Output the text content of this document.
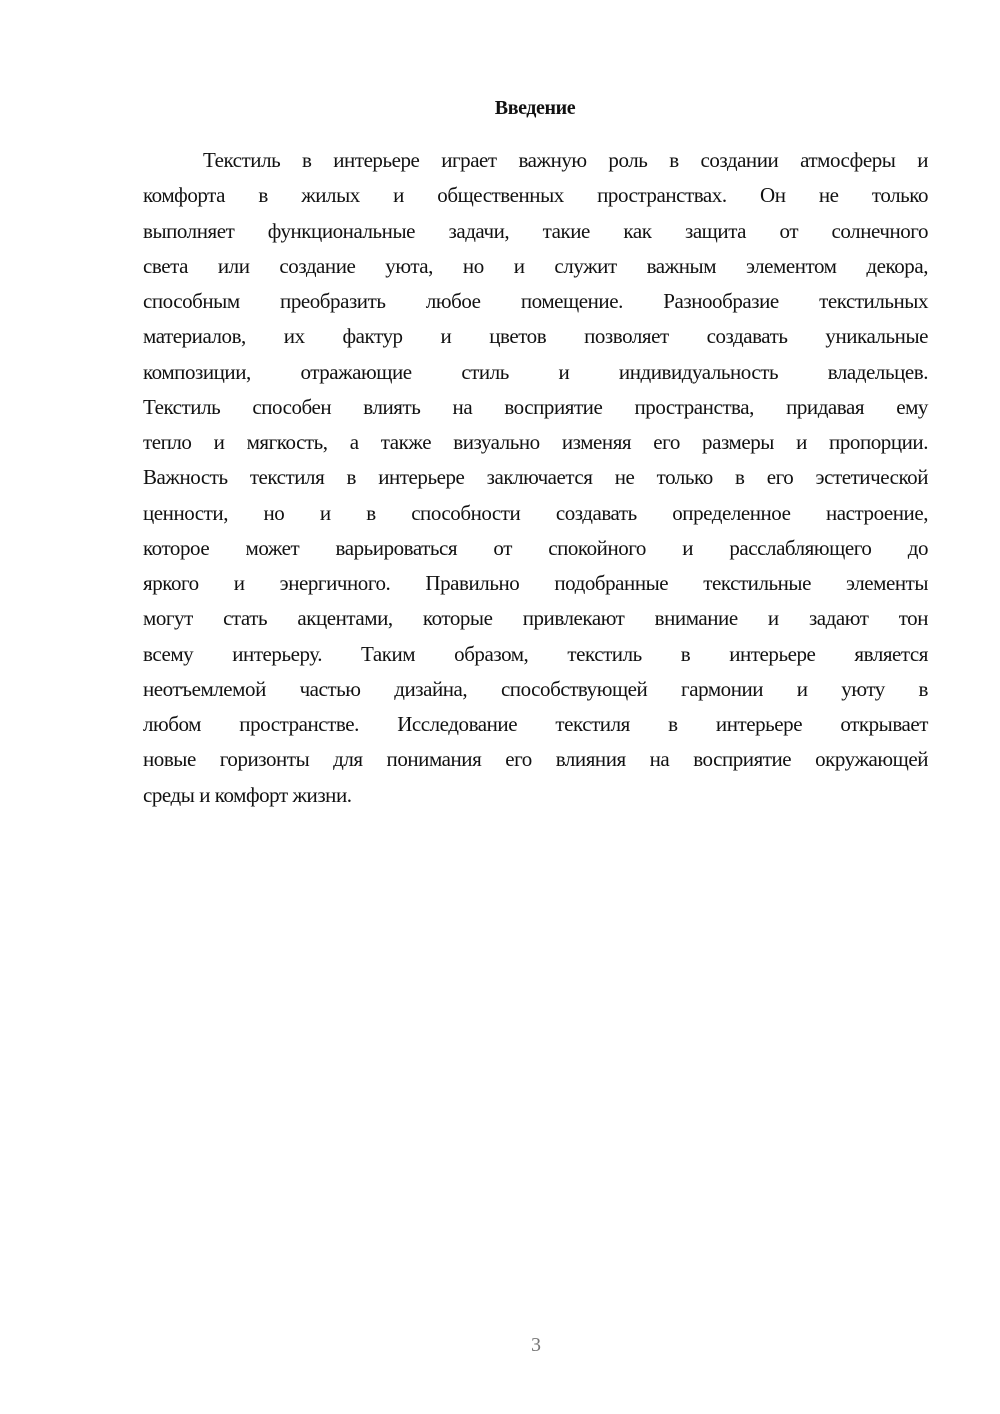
Введение
Текстиль в интерьере играет важную роль в создании атмосферы и
комфорта в жилых и общественных пространствах. Он не только
выполняет функциональные задачи, такие как защита от солнечного
света или создание уюта, но и служит важным элементом декора,
способным преобразить любое помещение. Разнообразие текстильных
материалов, их фактур и цветов позволяет создавать уникальные
композиции, отражающие стиль и индивидуальность владельцев.
Текстиль способен влиять на восприятие пространства, придавая ему
тепло и мягкость, а также визуально изменяя его размеры и пропорции.
Важность текстиля в интерьере заключается не только в его эстетической
ценности, но и в способности создавать определенное настроение,
которое может варьироваться от спокойного и расслабляющего до
яркого и энергичного. Правильно подобранные текстильные элементы
могут стать акцентами, которые привлекают внимание и задают тон
всему интерьеру. Таким образом, текстиль в интерьере является
неотъемлемой частью дизайна, способствующей гармонии и уюту в
любом пространстве. Исследование текстиля в интерьере открывает
новые горизонты для понимания его влияния на восприятие окружающей
среды и комфорт жизни.
3
